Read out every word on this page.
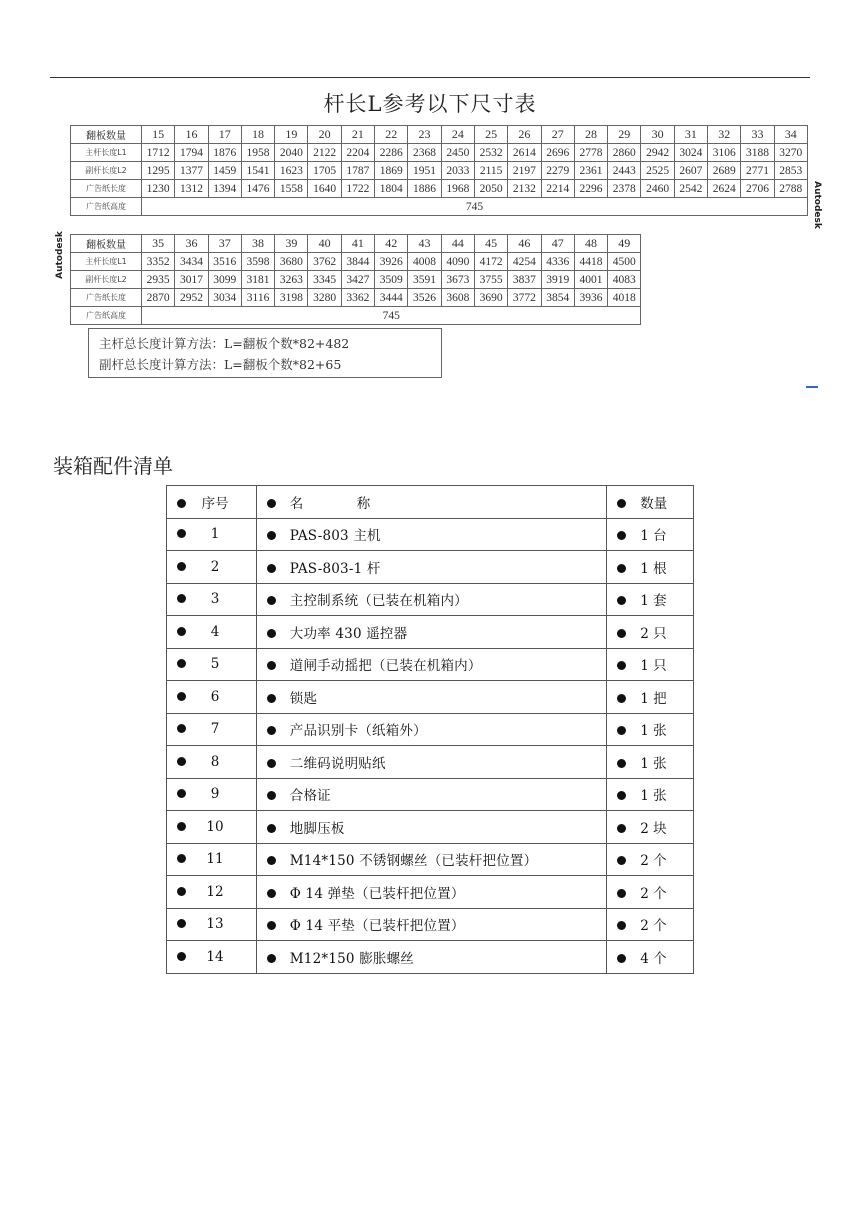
杆长L参考以下尺寸表
翻板数量	15	16	17	18	19	20	21	22	23	24	25	26	27	28	29	30	31	32	33	34
主杆长度L1	1712	1794	1876	1958	2040	2122	2204	2286	2368	2450	2532	2614	2696	2778	2860	2942	3024	3106	3188	3270
副杆长度L2	1295	1377	1459	1541	1623	1705	1787	1869	1951	2033	2115	2197	2279	2361	2443	2525	2607	2689	2771	2853
广告纸长度	1230	1312	1394	1476	1558	1640	1722	1804	1886	1968	2050	2132	2214	2296	2378	2460	2542	2624	2706	2788
广告纸高度	745																				Autodesk
翻板数量	35	36	37	38	39	40	41	42	43	44	45	46	47	48	49
主杆长度L1	3352	3434	3516	3598	3680	3762	3844	3926	4008	4090	4172	4254	4336	4418	4500
副杆长度L2	2935	3017	3099	3181	3263	3345	3427	3509	3591	3673	3755	3837	3919	4001	4083
广告纸长度	2870	2952	3034	3116	3198	3280	3362	3444	3526	3608	3690	3772	3854	3936	4018
广告纸高度	745														
Autodesk
主杆总长度计算方法：L=翻板个数*82+482
副杆总长度计算方法：L=翻板个数*82+65
装箱配件清单
序号	名　称	数量
1	PAS-803 主机	1 台
2	PAS-803-1 杆	1 根
3	主控制系统（已装在机箱内）	1 套
4	大功率 430 遥控器	2 只
5	道闸手动摇把（已装在机箱内）	1 只
6	锁匙	1 把
7	产品识别卡（纸箱外）	1 张
8	二维码说明贴纸	1 张
9	合格证	1 张
10	地脚压板	2 块
11	M14*150 不锈钢螺丝（已装杆把位置）	2 个
12	Φ 14 弹垫（已装杆把位置）	2 个
13	Φ 14 平垫（已装杆把位置）	2 个
14	M12*150 膨胀螺丝	4 个
